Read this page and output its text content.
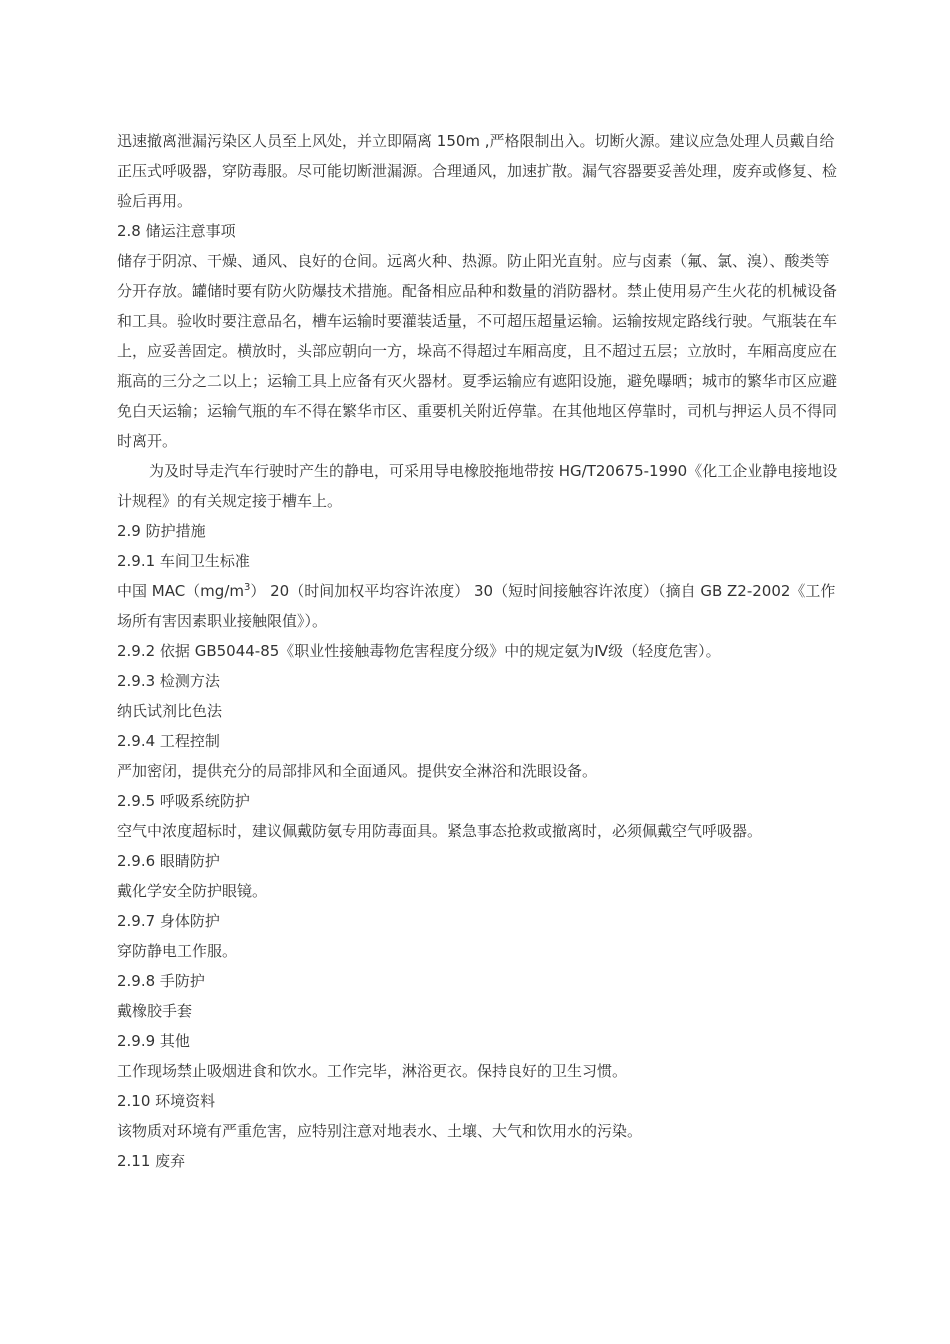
迅速撤离泄漏污染区人员至上风处，并立即隔离 150m ,严格限制出入。切断火源。建议应急处理人员戴自给正压式呼吸器，穿防毒服。尽可能切断泄漏源。合理通风，加速扩散。漏气容器要妥善处理，废弃或修复、检验后再用。

2.8 储运注意事项

储存于阴凉、干燥、通风、良好的仓间。远离火种、热源。防止阳光直射。应与卤素（氟、氯、溴）、酸类等分开存放。罐储时要有防火防爆技术措施。配备相应品种和数量的消防器材。禁止使用易产生火花的机械设备和工具。验收时要注意品名，槽车运输时要灌装适量，不可超压超量运输。运输按规定路线行驶。气瓶装在车上，应妥善固定。横放时，头部应朝向一方，垛高不得超过车厢高度，且不超过五层；立放时，车厢高度应在瓶高的三分之二以上；运输工具上应备有灭火器材。夏季运输应有遮阳设施，避免曝晒；城市的繁华市区应避免白天运输；运输气瓶的车不得在繁华市区、重要机关附近停靠。在其他地区停靠时，司机与押运人员不得同时离开。

为及时导走汽车行驶时产生的静电，可采用导电橡胶拖地带按 HG/T20675-1990《化工企业静电接地设计规程》的有关规定接于槽车上。

2.9 防护措施

2.9.1 车间卫生标准

中国 $MAC(mg/m^3)$ 20（时间加权平均容许浓度） 30（短时间接触容许浓度）（摘自 GB Z2-2002《工作场所有害因素职业接触限值》）。

2.9.2 依据 GB5044-85《职业性接触毒物危害程度分级》中的规定氨为Ⅳ级（轻度危害）。

2.9.3 检测方法

纳氏试剂比色法

2.9.4 工程控制

严加密闭，提供充分的局部排风和全面通风。提供安全淋浴和洗眼设备。

2.9.5 呼吸系统防护

空气中浓度超标时，建议佩戴防氨专用防毒面具。紧急事态抢救或撤离时，必须佩戴空气呼吸器。

2.9.6 眼睛防护

戴化学安全防护眼镜。

2.9.7 身体防护

穿防静电工作服。

2.9.8 手防护

戴橡胶手套

2.9.9 其他

工作现场禁止吸烟进食和饮水。工作完毕，淋浴更衣。保持良好的卫生习惯。

2.10 环境资料

该物质对环境有严重危害，应特别注意对地表水、土壤、大气和饮用水的污染。

2.11 废弃
